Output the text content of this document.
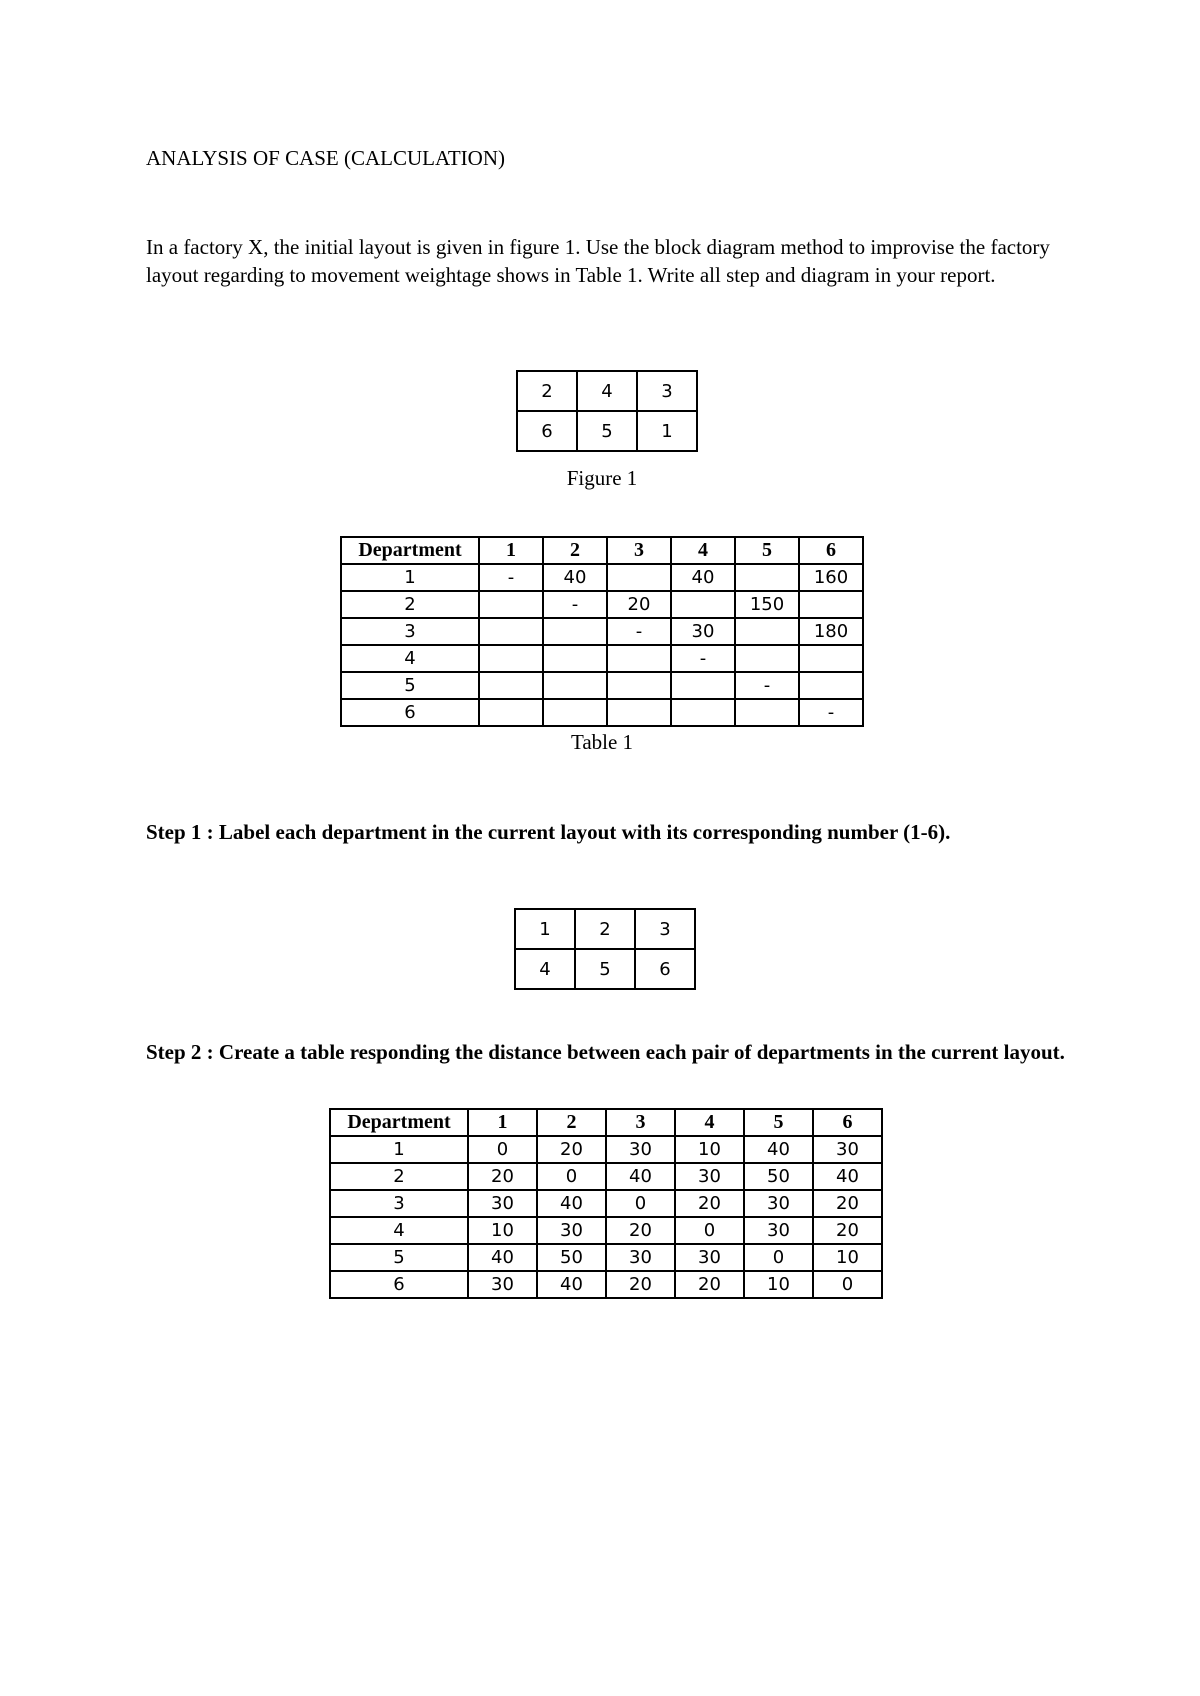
ANALYSIS OF CASE (CALCULATION)

In a factory X, the initial layout is given in figure 1. Use the block diagram method to improvise the factory layout regarding to movement weightage shows in Table 1. Write all step and diagram in your report.

2	4	3
6	5	1
Figure 1
Department	1	2	3	4	5	6
1	-	40		40		160
2		-	20		150	
3			-	30		180
4				-		
5					-	
6						-
Table 1
Step 1 : Label each department in the current layout with its corresponding number (1-6).
1	2	3
4	5	6
Step 2 : Create a table responding the distance between each pair of departments in the current layout.
Department	1	2	3	4	5	6
1	0	20	30	10	40	30
2	20	0	40	30	50	40
3	30	40	0	20	30	20
4	10	30	20	0	30	20
5	40	50	30	30	0	10
6	30	40	20	20	10	0
